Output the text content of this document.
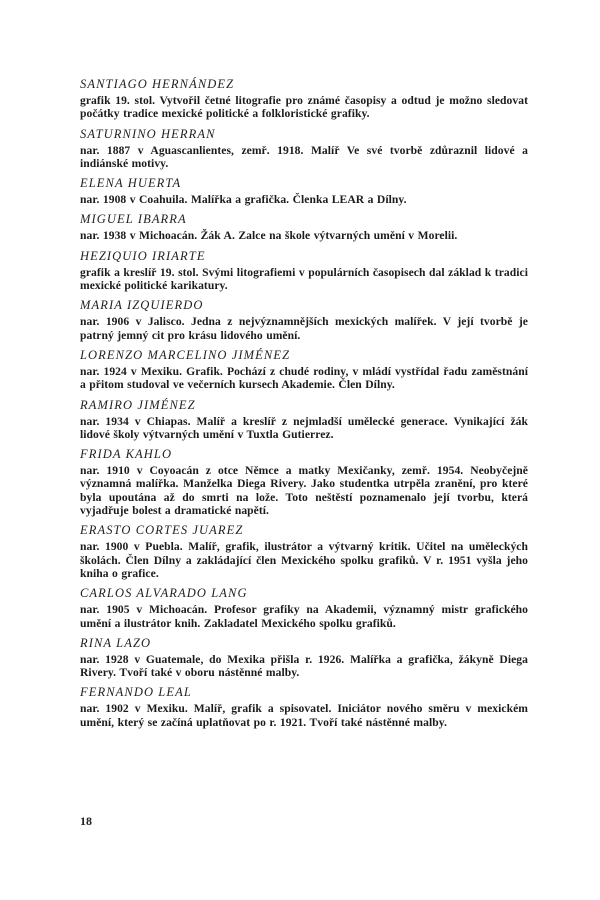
SANTIAGO HERNÁNDEZ

grafik 19. stol. Vytvořil četné litografie pro známé časopisy a odtud je možno sledovat počátky tradice mexické politické a folkloristické grafiky.

SATURNINO HERRAN

nar. 1887 v Aguascanlientes, zemř. 1918. Malíř Ve své tvorbě zdůraznil lidové a indiánské motivy.

ELENA HUERTA

nar. 1908 v Coahuila. Malířka a grafička. Členka LEAR a Dílny.

MIGUEL IBARRA

nar. 1938 v Michoacán. Žák A. Zalce na škole výtvarných umění v Morelii.

HEZIQUIO IRIARTE

grafik a kreslíř 19. stol. Svými litografiemi v populárních časopisech dal základ k tradici mexické politické karikatury.

MARIA IZQUIERDO

nar. 1906 v Jalisco. Jedna z nejvýznamnějších mexických malířek. V její tvorbě je patrný jemný cit pro krásu lidového umění.

LORENZO MARCELINO JIMÉNEZ

nar. 1924 v Mexiku. Grafik. Pochází z chudé rodiny, v mládí vystřídal řadu zaměstnání a přitom studoval ve večerních kursech Akademie. Člen Dílny.

RAMIRO JIMÉNEZ

nar. 1934 v Chiapas. Malíř a kreslíř z nejmladší umělecké generace. Vynikající žák lidové školy výtvarných umění v Tuxtla Gutierrez.

FRIDA KAHLO

nar. 1910 v Coyoacán z otce Němce a matky Mexičanky, zemř. 1954. Neobyčejně významná malířka. Manželka Diega Rivery. Jako studentka utrpěla zranění, pro které byla upoutána až do smrti na lože. Toto neštěstí poznamenalo její tvorbu, která vyjadřuje bolest a dramatické napětí.

ERASTO CORTES JUAREZ

nar. 1900 v Puebla. Malíř, grafik, ilustrátor a výtvarný kritik. Učitel na uměleckých školách. Člen Dílny a zakládající člen Mexického spolku grafiků. V r. 1951 vyšla jeho kniha o grafice.

CARLOS ALVARADO LANG

nar. 1905 v Michoacán. Profesor grafiky na Akademii, významný mistr grafického umění a ilustrátor knih. Zakladatel Mexického spolku grafiků.

RINA LAZO

nar. 1928 v Guatemale, do Mexika přišla r. 1926. Malířka a grafička, žákyně Diega Rivery. Tvoří také v oboru nástěnné malby.

FERNANDO LEAL

nar. 1902 v Mexiku. Malíř, grafik a spisovatel. Iniciátor nového směru v mexickém umění, který se začíná uplatňovat po r. 1921. Tvoří také nástěnné malby.

18
